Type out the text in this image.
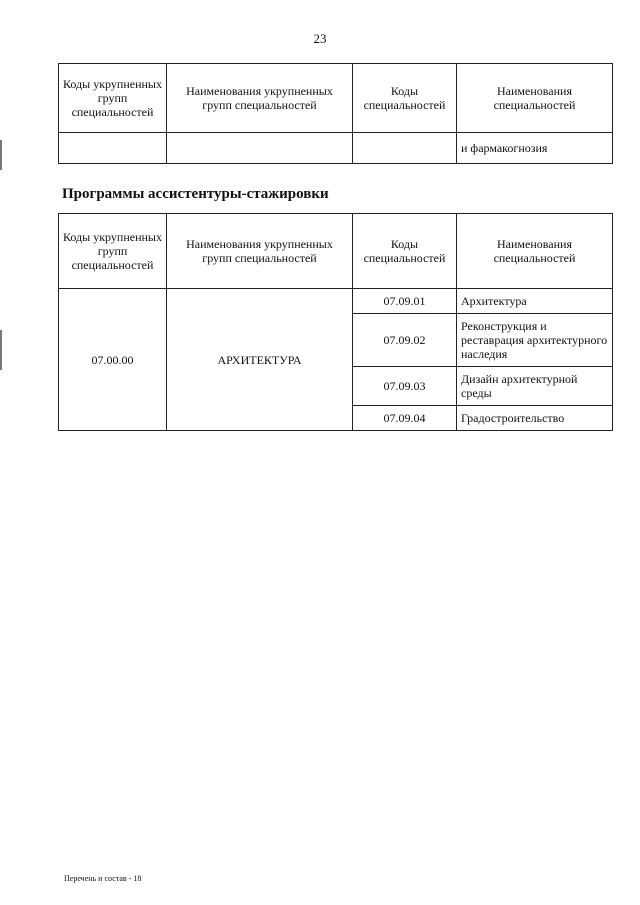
23
Коды укрупненных групп специальностей	Наименования укрупненных групп специальностей	Коды специальностей	Наименования специальностей
			и фармакогнозия
Программы ассистентуры-стажировки
Коды укрупненных групп специальностей	Наименования укрупненных групп специальностей	Коды специальностей	Наименования специальностей
07.00.00	АРХИТЕКТУРА	07.09.01	Архитектура
		07.09.02	Реконструкция и реставрация архитектурного наследия
		07.09.03	Дизайн архитектурной среды
		07.09.04	Градостроительство
Перечень и состав - 18
